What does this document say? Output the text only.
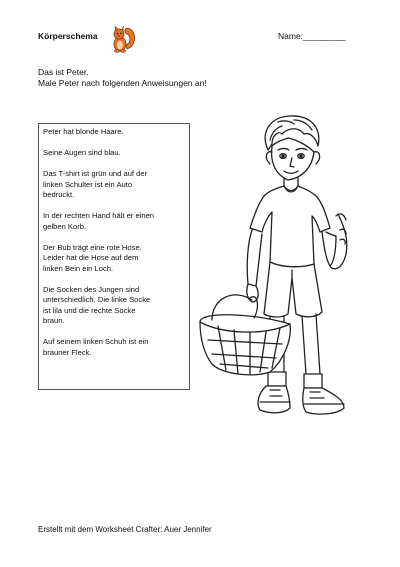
Körperschema	Name:_________
Das ist Peter.
Male Peter nach folgenden Anweisungen an!

Peter hat blonde Haare.

Seine Augen sind blau.

Das T-shirt ist grün und auf der
linken Schulter ist ein Auto
bedruckt.

In der rechten Hand hält er einen
gelben Korb.

Der Bub trägt eine rote Hose.
Leider hat die Hose auf dem
linken Bein ein Loch.

Die Socken des Jungen sind
unterschiedlich. Die linke Socke
ist lila und die rechte Socke
braun.

Auf seinem linken Schuh ist ein
brauner Fleck.

Erstellt mit dem Worksheet Crafter: Auer Jennifer
